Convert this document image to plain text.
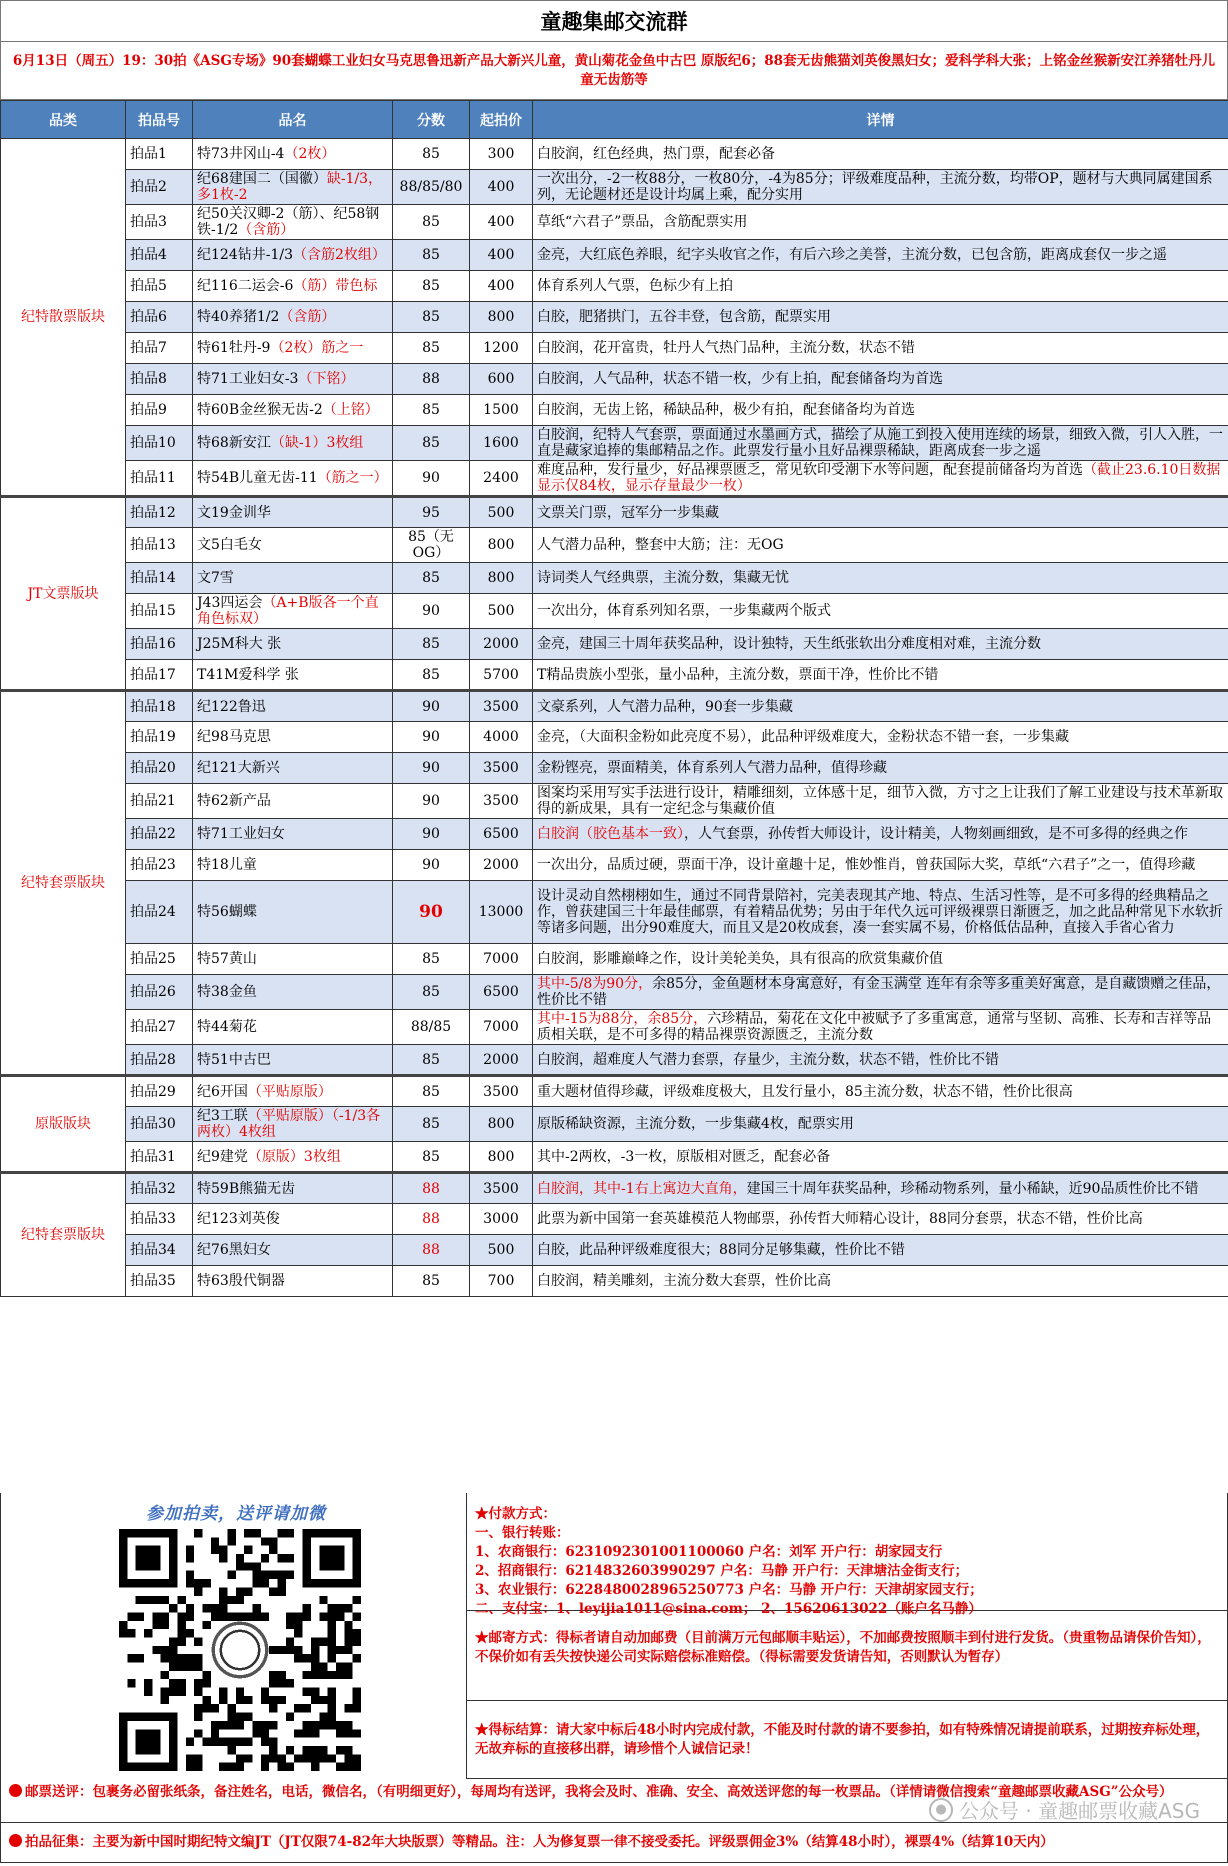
童趣集邮交流群
6月13日（周五）19：30拍《ASG专场》90套蝴蝶工业妇女马克思鲁迅新产品大新兴儿童，黄山菊花金鱼中古巴 原版纪6；88套无齿熊猫刘英俊黑妇女；爱科学科大张；上铭金丝猴新安江养猪牡丹儿童无齿筋等
品类	拍品号	品名	分数	起拍价	详情
纪特散票版块	拍品1	特73井冈山-4（2枚）	85	300	白胶润，红色经典，热门票，配套必备
	拍品2	纪68建国二（国徽）缺-1/3，多1枚-2	88/85/80	400	一次出分，-2一枚88分，一枚80分，-4为85分；评级难度品种，主流分数，均带OP，题材与大典同属建国系列，无论题材还是设计均属上乘，配分实用
	拍品3	纪50关汉卿-2（筋）、纪58钢铁-1/2（含筋）	85	400	草纸“六君子”票品，含筋配票实用
	拍品4	纪124钻井-1/3（含筋2枚组）	85	400	金亮，大红底色养眼，纪字头收官之作，有后六珍之美誉，主流分数，已包含筋，距离成套仅一步之遥
	拍品5	纪116二运会-6（筋）带色标	85	400	体育系列人气票，色标少有上拍
	拍品6	特40养猪1/2（含筋）	85	800	白胶，肥猪拱门，五谷丰登，包含筋，配票实用
	拍品7	特61牡丹-9（2枚）筋之一	85	1200	白胶润，花开富贵，牡丹人气热门品种，主流分数，状态不错
	拍品8	特71工业妇女-3（下铭）	88	600	白胶润，人气品种，状态不错一枚，少有上拍，配套储备均为首选
	拍品9	特60B金丝猴无齿-2（上铭）	85	1500	白胶润，无齿上铭，稀缺品种，极少有拍，配套储备均为首选
	拍品10	特68新安江（缺-1）3枚组	85	1600	白胶润，纪特人气套票，票面通过水墨画方式，描绘了从施工到投入使用连续的场景，细致入微，引人入胜，一直是藏家追捧的集邮精品之作。此票发行量小且好品裸票稀缺，距离成套一步之遥
	拍品11	特54B儿童无齿-11（筋之一）	90	2400	难度品种，发行量少，好品裸票匮乏，常见软印受潮下水等问题，配套提前储备均为首选（截止23.6.10日数据显示仅84枚，显示存量最少一枚）
JT文票版块	拍品12	文19金训华	95	500	文票关门票，冠军分一步集藏
	拍品13	文5白毛女	85（无OG）	800	人气潜力品种，整套中大筋；注：无OG
	拍品14	文7雪	85	800	诗词类人气经典票，主流分数，集藏无忧
	拍品15	J43四运会（A+B版各一个直角色标双）	90	500	一次出分，体育系列知名票，一步集藏两个版式
	拍品16	J25M科大 张	85	2000	金亮，建国三十周年获奖品种，设计独特，天生纸张软出分难度相对难，主流分数
	拍品17	T41M爱科学 张	85	5700	T精品贵族小型张，量小品种，主流分数，票面干净，性价比不错
纪特套票版块	拍品18	纪122鲁迅	90	3500	文豪系列，人气潜力品种，90套一步集藏
	拍品19	纪98马克思	90	4000	金亮，（大面积金粉如此亮度不易），此品种评级难度大，金粉状态不错一套，一步集藏
	拍品20	纪121大新兴	90	3500	金粉铿亮，票面精美，体育系列人气潜力品种，值得珍藏
	拍品21	特62新产品	90	3500	图案均采用写实手法进行设计，精雕细刻，立体感十足，细节入微，方寸之上让我们了解工业建设与技术革新取得的新成果，具有一定纪念与集藏价值
	拍品22	特71工业妇女	90	6500	白胶润（胶色基本一致），人气套票，孙传哲大师设计，设计精美，人物刻画细致，是不可多得的经典之作
	拍品23	特18儿童	90	2000	一次出分，品质过硬，票面干净，设计童趣十足，惟妙惟肖，曾获国际大奖，草纸“六君子”之一，值得珍藏
	拍品24	特56蝴蝶	90	13000	设计灵动自然栩栩如生，通过不同背景陪衬，完美表现其产地、特点、生活习性等，是不可多得的经典精品之作，曾获建国三十年最佳邮票，有着精品优势；另由于年代久远可评级裸票日渐匮乏，加之此品种常见下水软折等诸多问题，出分90难度大，而且又是20枚成套，凑一套实属不易，价格低估品种，直接入手省心省力
	拍品25	特57黄山	85	7000	白胶润，影雕巅峰之作，设计美轮美奂，具有很高的欣赏集藏价值
	拍品26	特38金鱼	85	6500	其中-5/8为90分，余85分，金鱼题材本身寓意好，有金玉满堂 连年有余等多重美好寓意，是自藏馈赠之佳品，性价比不错
	拍品27	特44菊花	88/85	7000	其中-15为88分，余85分，六珍精品，菊花在文化中被赋予了多重寓意，通常与坚韧、高雅、长寿和吉祥等品质相关联，是不可多得的精品裸票资源匮乏，主流分数
	拍品28	特51中古巴	85	2000	白胶润，超难度人气潜力套票，存量少，主流分数，状态不错，性价比不错
原版版块	拍品29	纪6开国（平贴原版）	85	3500	重大题材值得珍藏，评级难度极大，且发行量小，85主流分数，状态不错，性价比很高
	拍品30	纪3工联（平贴原版）（-1/3各两枚）4枚组	85	800	原版稀缺资源，主流分数，一步集藏4枚，配票实用
	拍品31	纪9建党（原版）3枚组	85	800	其中-2两枚，-3一枚，原版相对匮乏，配套必备
纪特套票版块	拍品32	特59B熊猫无齿	88	3500	白胶润，其中-1右上寓边大直角，建国三十周年获奖品种，珍稀动物系列，量小稀缺，近90品质性价比不错
	拍品33	纪123刘英俊	88	3000	此票为新中国第一套英雄模范人物邮票，孙传哲大师精心设计，88同分套票，状态不错，性价比高
	拍品34	纪76黑妇女	88	500	白胶，此品种评级难度很大；88同分足够集藏，性价比不错
	拍品35	特63殷代铜器	85	700	白胶润，精美雕刻，主流分数大套票，性价比高
参加拍卖，送评请加微	★付款方式：
一、银行转账：
1、农商银行：6231092301001100060 户名：刘军 开户行：胡家园支行
2、招商银行：6214832603990297 户名：马静 开户行：天津塘沽金街支行；
3、农业银行：6228480028965250773 户名：马静 开户行：天津胡家园支行；
二、支付宝：1、leyijia1011@sina.com； 2、15620613022（账户名马静）
★邮寄方式：得标者请自动加邮费（目前满万元包邮顺丰贴运），不加邮费按照顺丰到付进行发货。（贵重物品请保价告知），不保价如有丢失按快递公司实际赔偿标准赔偿。（得标需要发货请告知，否则默认为暂存）
★得标结算：请大家中标后48小时内完成付款，不能及时付款的请不要参拍，如有特殊情况请提前联系，过期按弃标处理，无故弃标的直接移出群，请珍惜个人诚信记录！
邮票送评：包裹务必留张纸条，备注姓名，电话，微信名，（有明细更好），每周均有送评，我将会及时、准确、安全、高效送评您的每一枚票品。（详情请微信搜索“童趣邮票收藏ASG”公众号）
拍品征集：主要为新中国时期纪特文编JT（JT仅限74-82年大块版票）等精品。注：人为修复票一律不接受委托。评级票佣金3%（结算48小时），裸票4%（结算10天内）
● 公众号 · 童趣邮票收藏ASG
